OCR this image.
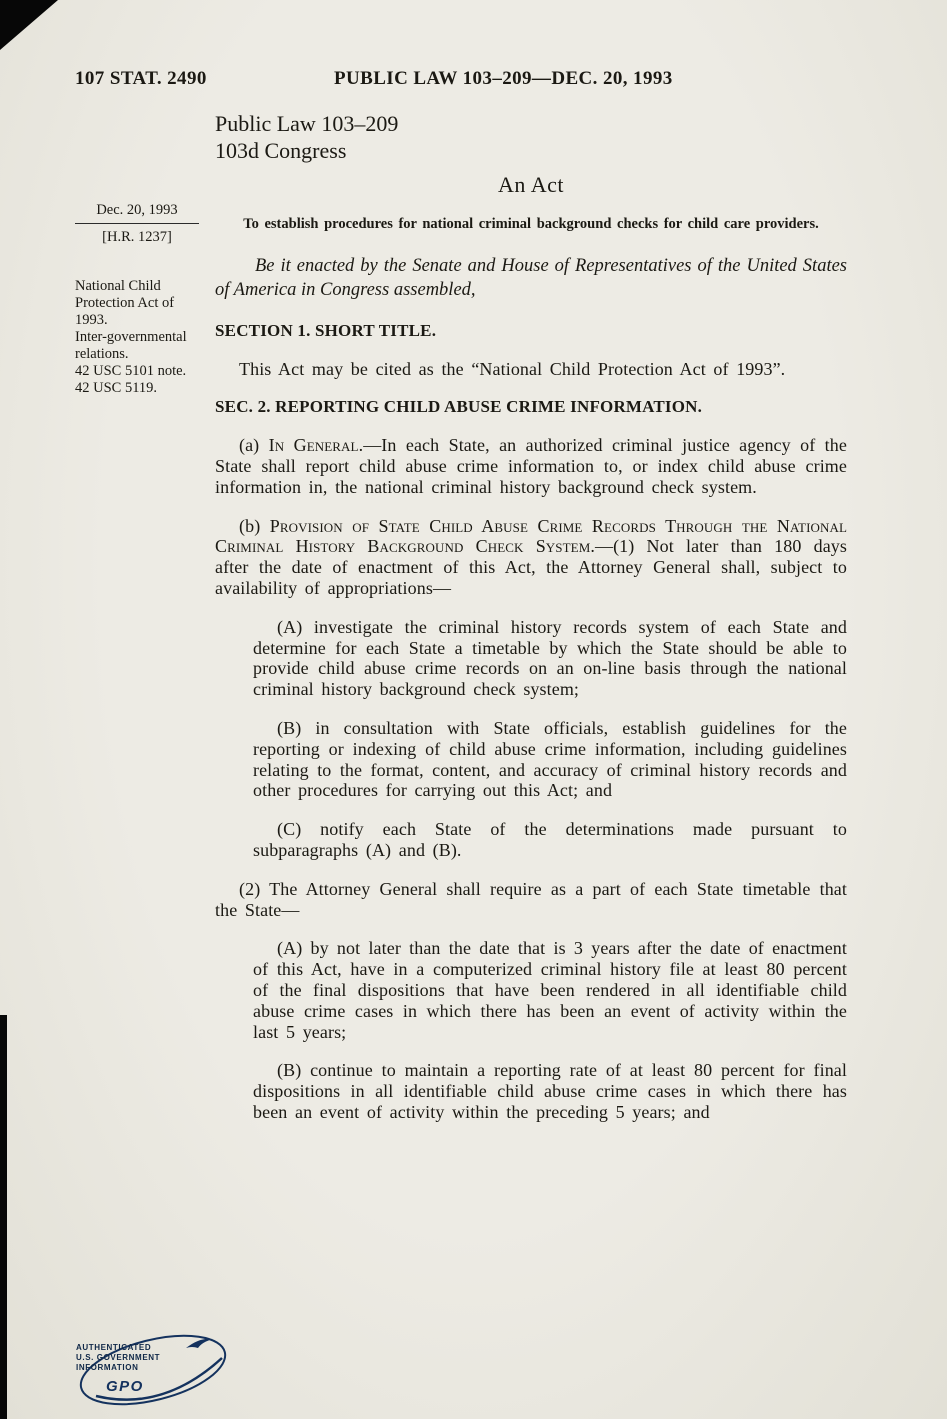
107 STAT. 2490	PUBLIC LAW 103–209—DEC. 20, 1993
Dec. 20, 1993
[H.R. 1237]
National Child Protection Act of 1993.
Inter-governmental relations.
42 USC 5101 note.
42 USC 5119.
Public Law 103–209
103d Congress
An Act

To establish procedures for national criminal background checks for child care providers.

Be it enacted by the Senate and House of Representatives of the United States of America in Congress assembled,

SECTION 1. SHORT TITLE.

This Act may be cited as the “National Child Protection Act of 1993”.

SEC. 2. REPORTING CHILD ABUSE CRIME INFORMATION.

(a) In General.—In each State, an authorized criminal justice agency of the State shall report child abuse crime information to, or index child abuse crime information in, the national criminal history background check system.

(b) Provision of State Child Abuse Crime Records Through the National Criminal History Background Check System.—(1) Not later than 180 days after the date of enactment of this Act, the Attorney General shall, subject to availability of appropriations—

(A) investigate the criminal history records system of each State and determine for each State a timetable by which the State should be able to provide child abuse crime records on an on-line basis through the national criminal history background check system;

(B) in consultation with State officials, establish guidelines for the reporting or indexing of child abuse crime information, including guidelines relating to the format, content, and accuracy of criminal history records and other procedures for carrying out this Act; and

(C) notify each State of the determinations made pursuant to subparagraphs (A) and (B).

(2) The Attorney General shall require as a part of each State timetable that the State—

(A) by not later than the date that is 3 years after the date of enactment of this Act, have in a computerized criminal history file at least 80 percent of the final dispositions that have been rendered in all identifiable child abuse crime cases in which there has been an event of activity within the last 5 years;

(B) continue to maintain a reporting rate of at least 80 percent for final dispositions in all identifiable child abuse crime cases in which there has been an event of activity within the preceding 5 years; and

AUTHENTICATED
U.S. GOVERNMENT
INFORMATION
GPO
